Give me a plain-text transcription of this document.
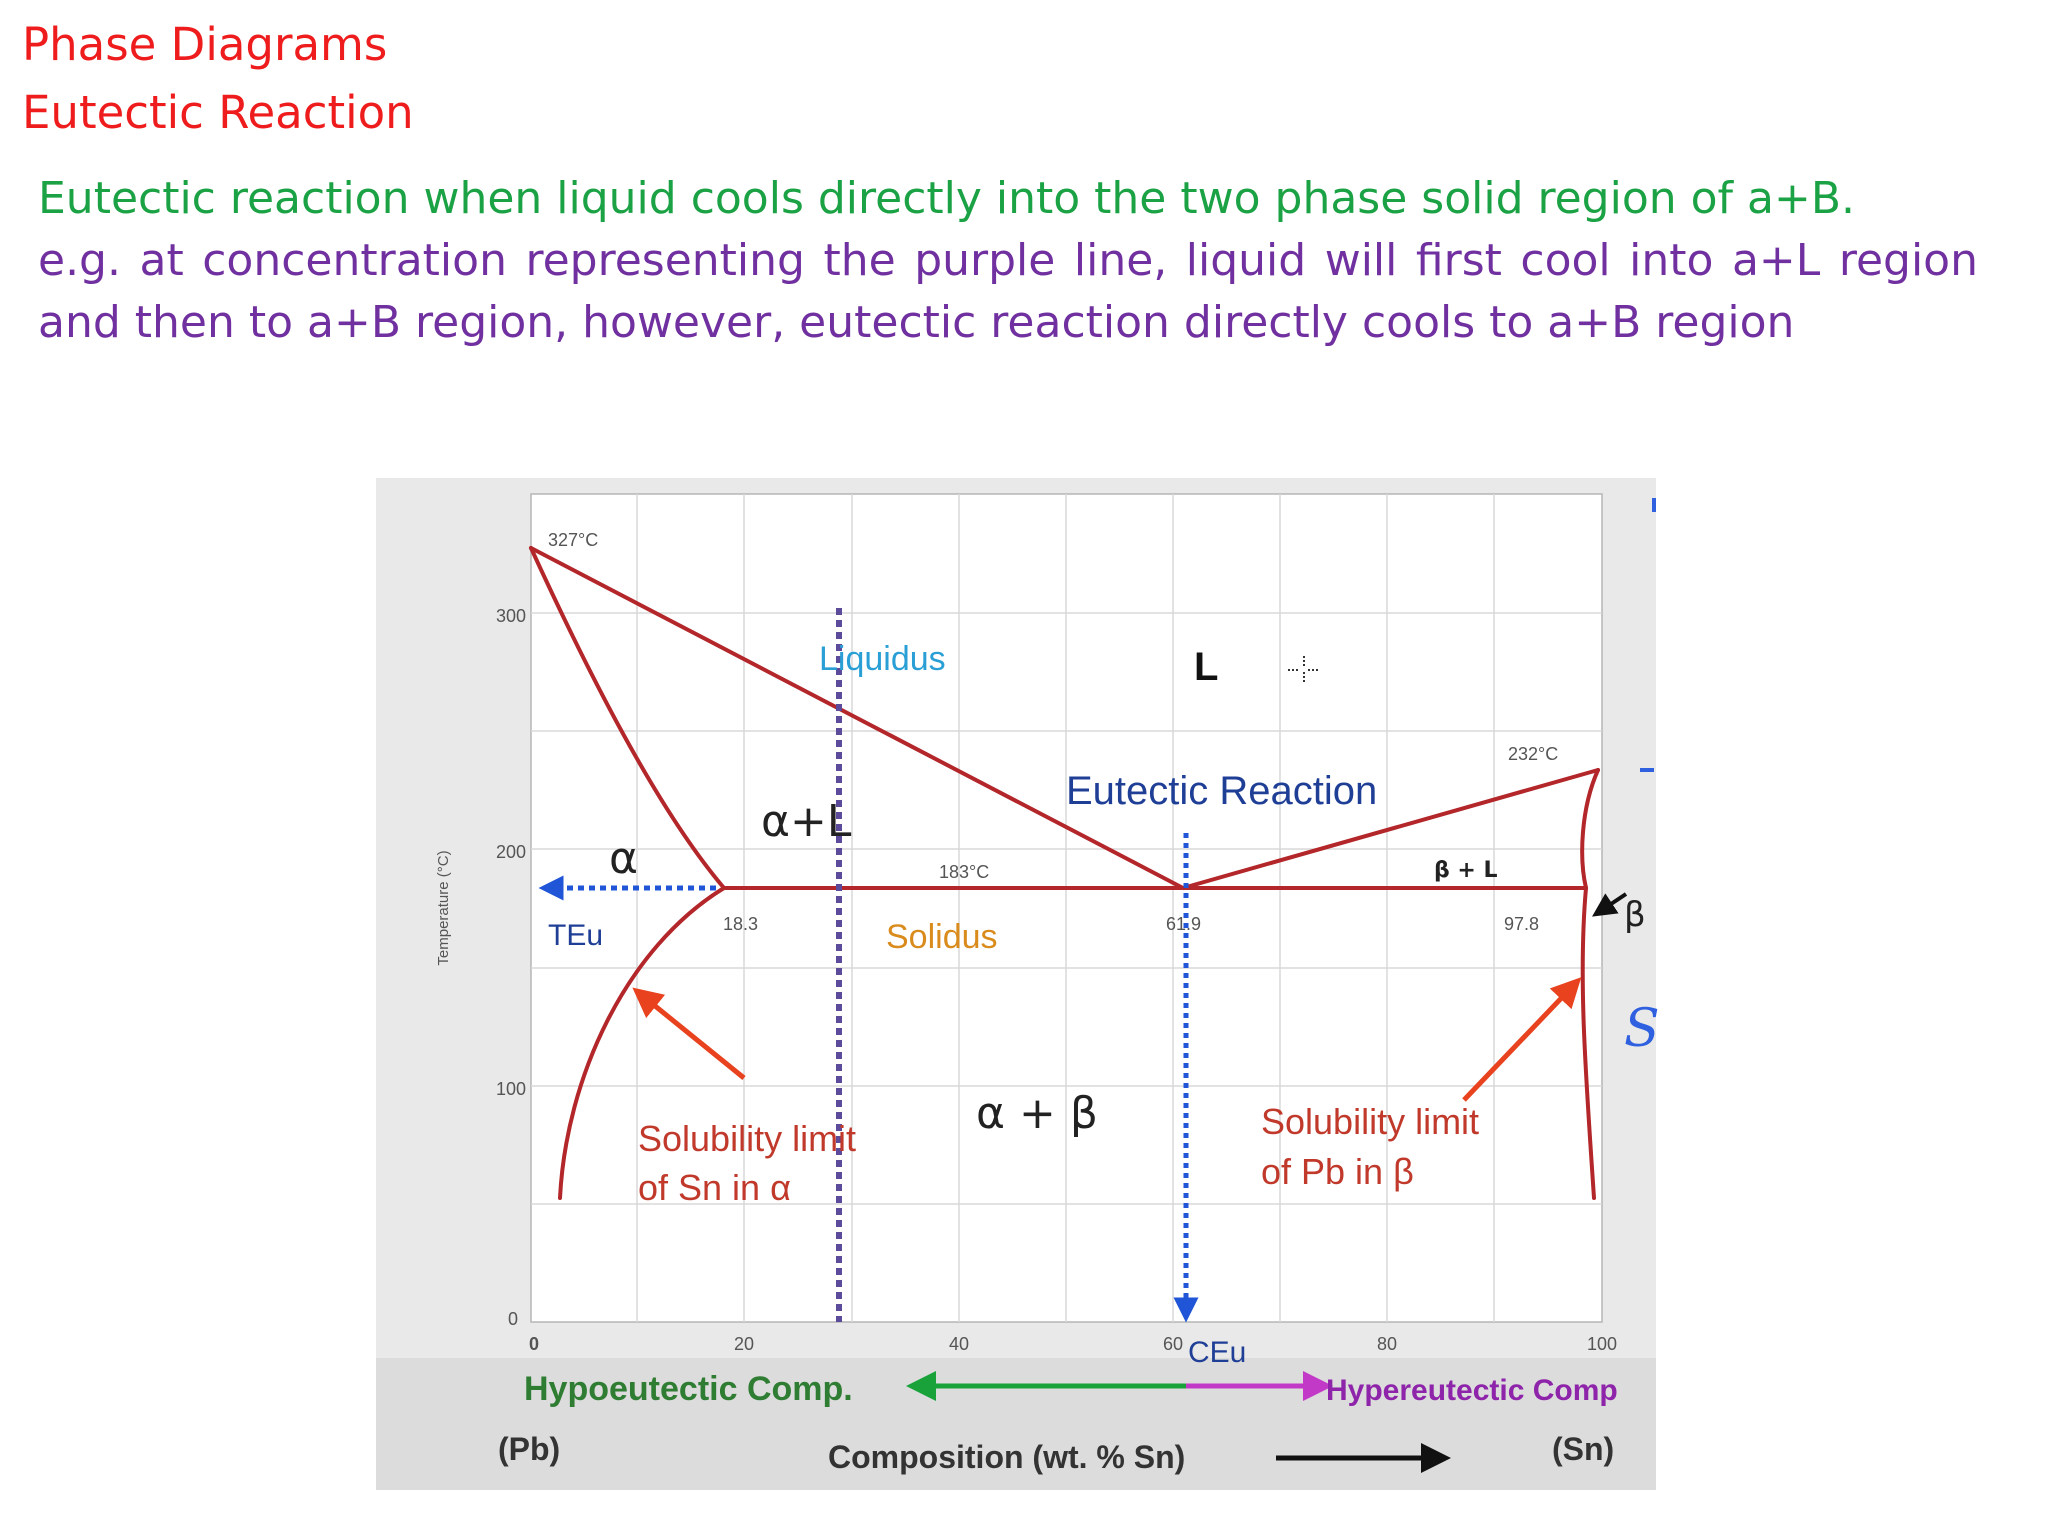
Phase Diagrams
Eutectic Reaction

Eutectic reaction when liquid cools directly into the two phase solid region of a+B.

e.g. at concentration representing the purple line, liquid will first cool into a+L region and then to a+B region, however, eutectic reaction directly cools to a+B region

0
100
200
300
0	20	40	60	80	100
Temperature (°C)
S
327°C
232°C
183°C
18.3	61.9	97.8
L
α
α+L
β + L
α + β
β
Liquidus
Solidus
Eutectic Reaction
TEu
CEu
Solubility limit
of Sn in α
Solubility limit
of Pb in β
Hypoeutectic Comp.	Hypereutectic Comp
(Pb)	Composition (wt. % Sn)	(Sn)
